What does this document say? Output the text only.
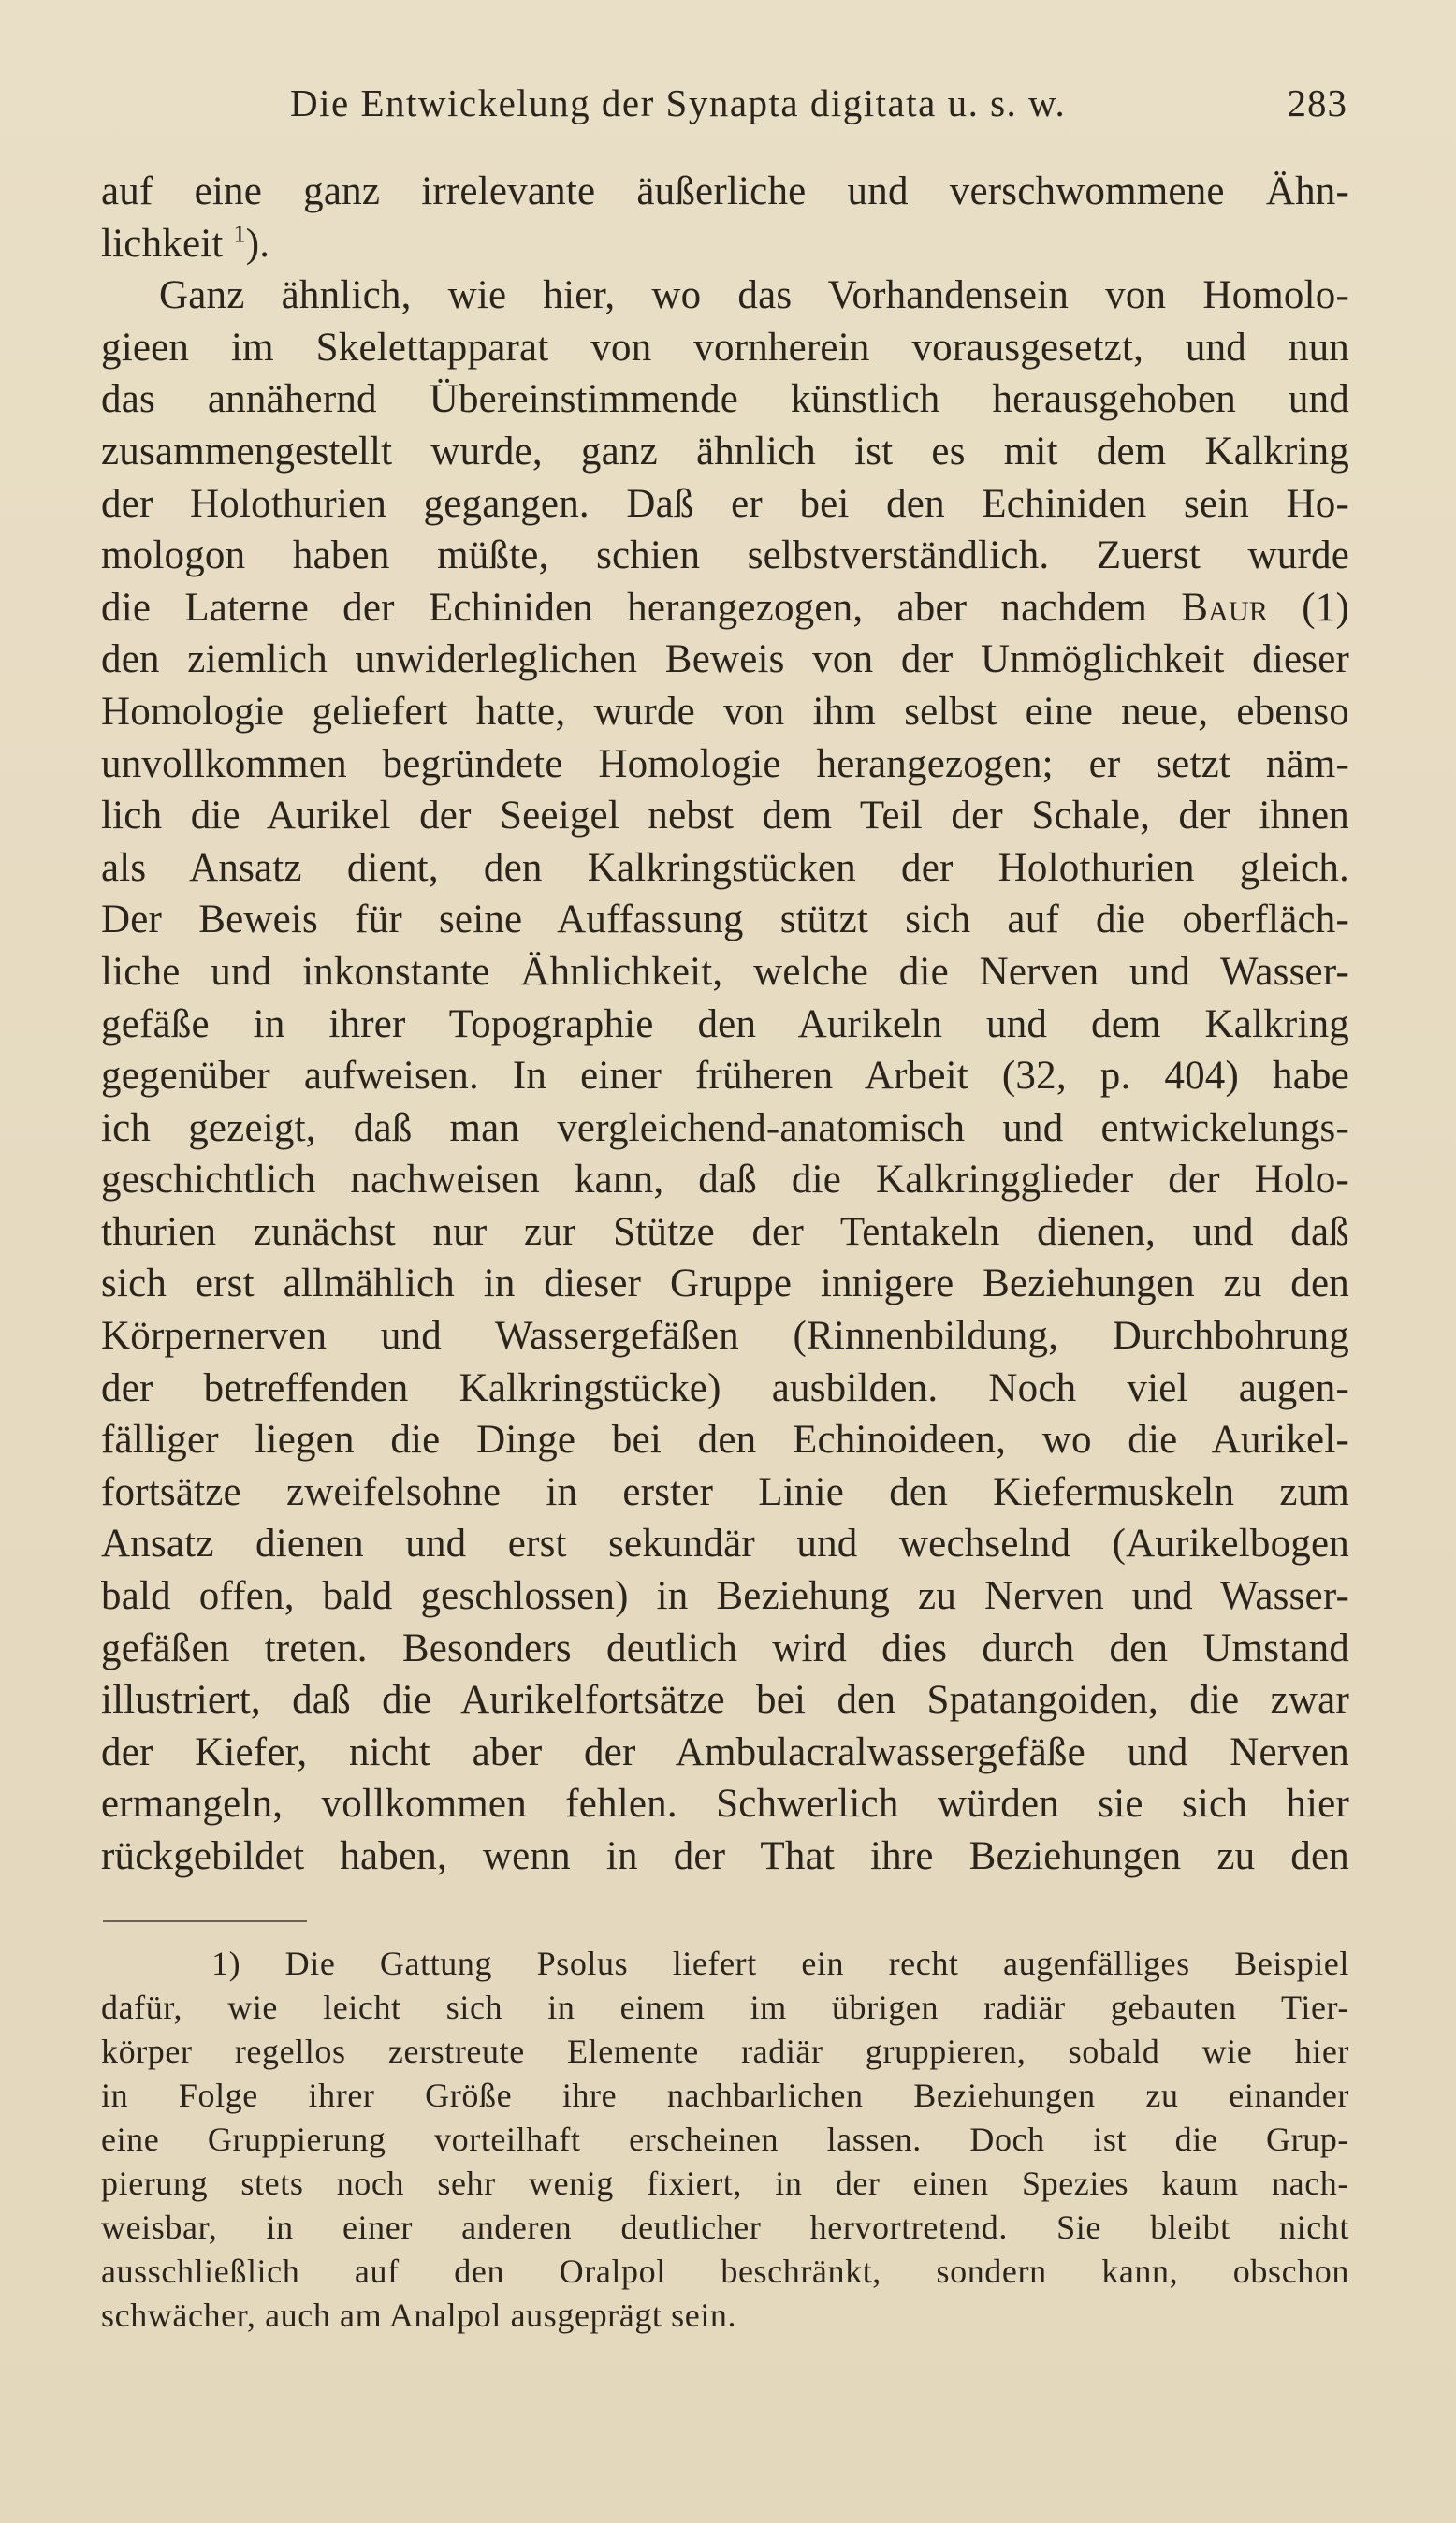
Die Entwickelung der Synapta digitata u. s. w.	283
auf eine ganz irrelevante äußerliche und verschwommene Ähn-
lichkeit $^1$).
Ganz ähnlich, wie hier, wo das Vorhandensein von Homolo-
gieen im Skelettapparat von vornherein vorausgesetzt, und nun
das annähernd Übereinstimmende künstlich herausgehoben und
zusammengestellt wurde, ganz ähnlich ist es mit dem Kalkring
der Holothurien gegangen. Daß er bei den Echiniden sein Ho-
mologon haben müßte, schien selbstverständlich. Zuerst wurde
die Laterne der Echiniden herangezogen, aber nachdem Baur (1)
den ziemlich unwiderleglichen Beweis von der Unmöglichkeit dieser
Homologie geliefert hatte, wurde von ihm selbst eine neue, ebenso
unvollkommen begründete Homologie herangezogen; er setzt näm-
lich die Aurikel der Seeigel nebst dem Teil der Schale, der ihnen
als Ansatz dient, den Kalkringstücken der Holothurien gleich.
Der Beweis für seine Auffassung stützt sich auf die oberfläch-
liche und inkonstante Ähnlichkeit, welche die Nerven und Wasser-
gefäße in ihrer Topographie den Aurikeln und dem Kalkring
gegenüber aufweisen. In einer früheren Arbeit (32, p. 404) habe
ich gezeigt, daß man vergleichend-anatomisch und entwickelungs-
geschichtlich nachweisen kann, daß die Kalkringglieder der Holo-
thurien zunächst nur zur Stütze der Tentakeln dienen, und daß
sich erst allmählich in dieser Gruppe innigere Beziehungen zu den
Körpernerven und Wassergefäßen (Rinnenbildung, Durchbohrung
der betreffenden Kalkringstücke) ausbilden. Noch viel augen-
fälliger liegen die Dinge bei den Echinoideen, wo die Aurikel-
fortsätze zweifelsohne in erster Linie den Kiefermuskeln zum
Ansatz dienen und erst sekundär und wechselnd (Aurikelbogen
bald offen, bald geschlossen) in Beziehung zu Nerven und Wasser-
gefäßen treten. Besonders deutlich wird dies durch den Umstand
illustriert, daß die Aurikelfortsätze bei den Spatangoiden, die zwar
der Kiefer, nicht aber der Ambulacralwassergefäße und Nerven
ermangeln, vollkommen fehlen. Schwerlich würden sie sich hier
rückgebildet haben, wenn in der That ihre Beziehungen zu den
1) Die Gattung Psolus liefert ein recht augenfälliges Beispiel
dafür, wie leicht sich in einem im übrigen radiär gebauten Tier-
körper regellos zerstreute Elemente radiär gruppieren, sobald wie hier
in Folge ihrer Größe ihre nachbarlichen Beziehungen zu einander
eine Gruppierung vorteilhaft erscheinen lassen. Doch ist die Grup-
pierung stets noch sehr wenig fixiert, in der einen Spezies kaum nach-
weisbar, in einer anderen deutlicher hervortretend. Sie bleibt nicht
ausschließlich auf den Oralpol beschränkt, sondern kann, obschon
schwächer, auch am Analpol ausgeprägt sein.
